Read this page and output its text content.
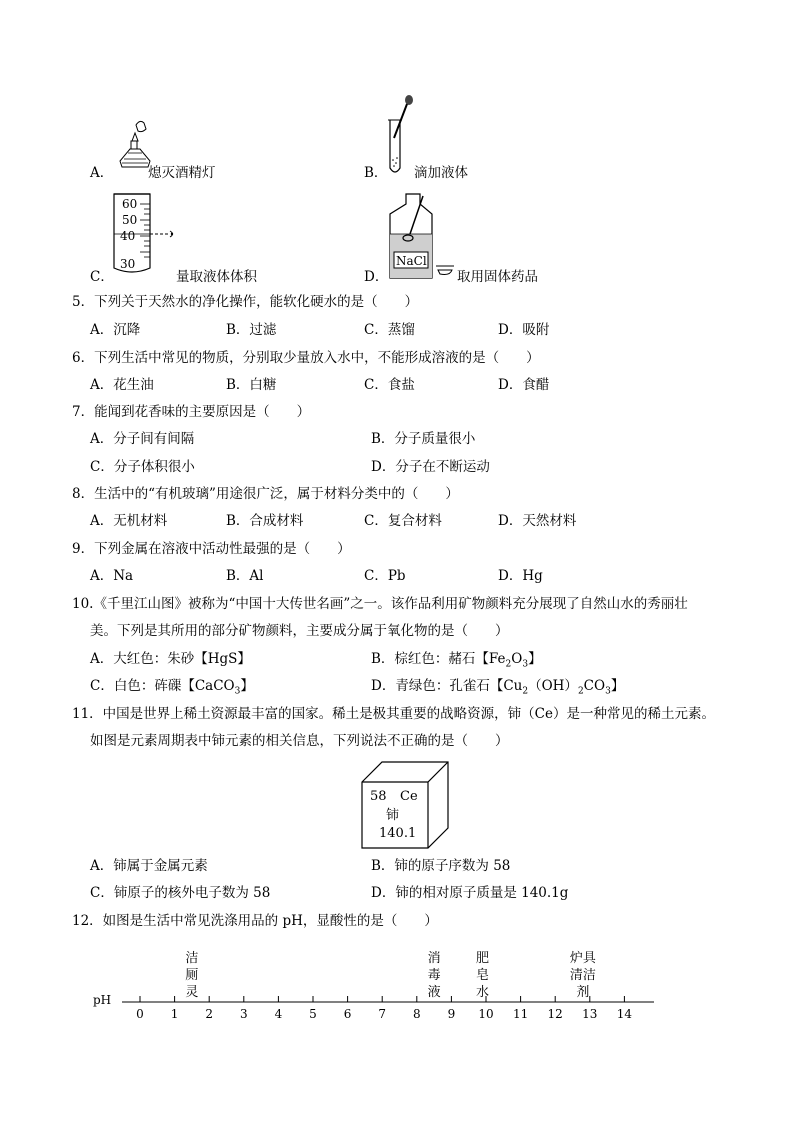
A．	熄灭酒精灯	B． 滴加液体
60
50
40
30
C．	量取液体体积
NaCl
D．	取用固体药品
5．下列关于天然水的净化操作，能软化硬水的是（　　）
A．沉降	B．过滤	C．蒸馏	D．吸附
6．下列生活中常见的物质，分别取少量放入水中，不能形成溶液的是（　　）
A．花生油	B．白糖	C．食盐	D．食醋
7．能闻到花香味的主要原因是（　　）
A．分子间有间隔	B．分子质量很小
C．分子体积很小	D．分子在不断运动
8．生活中的“有机玻璃”用途很广泛，属于材料分类中的（　　）
A．无机材料	B．合成材料	C．复合材料	D．天然材料
9．下列金属在溶液中活动性最强的是（　　）
A．Na	B．Al	C．Pb	D．Hg
10.《千里江山图》被称为“中国十大传世名画”之一。该作品利用矿物颜料充分展现了自然山水的秀丽壮
美。下列是其所用的部分矿物颜料，主要成分属于氧化物的是（　　）
A．大红色：朱砂【HgS】	B．棕红色：赭石【$Fe_2O_3$】
C．白色：砗磲【CaCO$_3$】	D．青绿色：孔雀石【$Cu_2(OH)_2CO_3$】
11．中国是世界上稀土资源最丰富的国家。稀土是极其重要的战略资源，铈（Ce）是一种常见的稀土元素。
如图是元素周期表中铈元素的相关信息，下列说法不正确的是（　　）
58 Ce
铈
140.1
A．铈属于金属元素	B．铈的原子序数为 58
C．铈原子的核外电子数为 58	D．铈的相对原子质量是 140.1g
12．如图是生活中常见洗涤用品的 pH，显酸性的是（　　）
pH
0 1 2 3 4 5 6 7 8 9 10 11 12 13 14
洁
厕
灵
消
毒
液
肥
皂
水
炉具
清洁
剂
